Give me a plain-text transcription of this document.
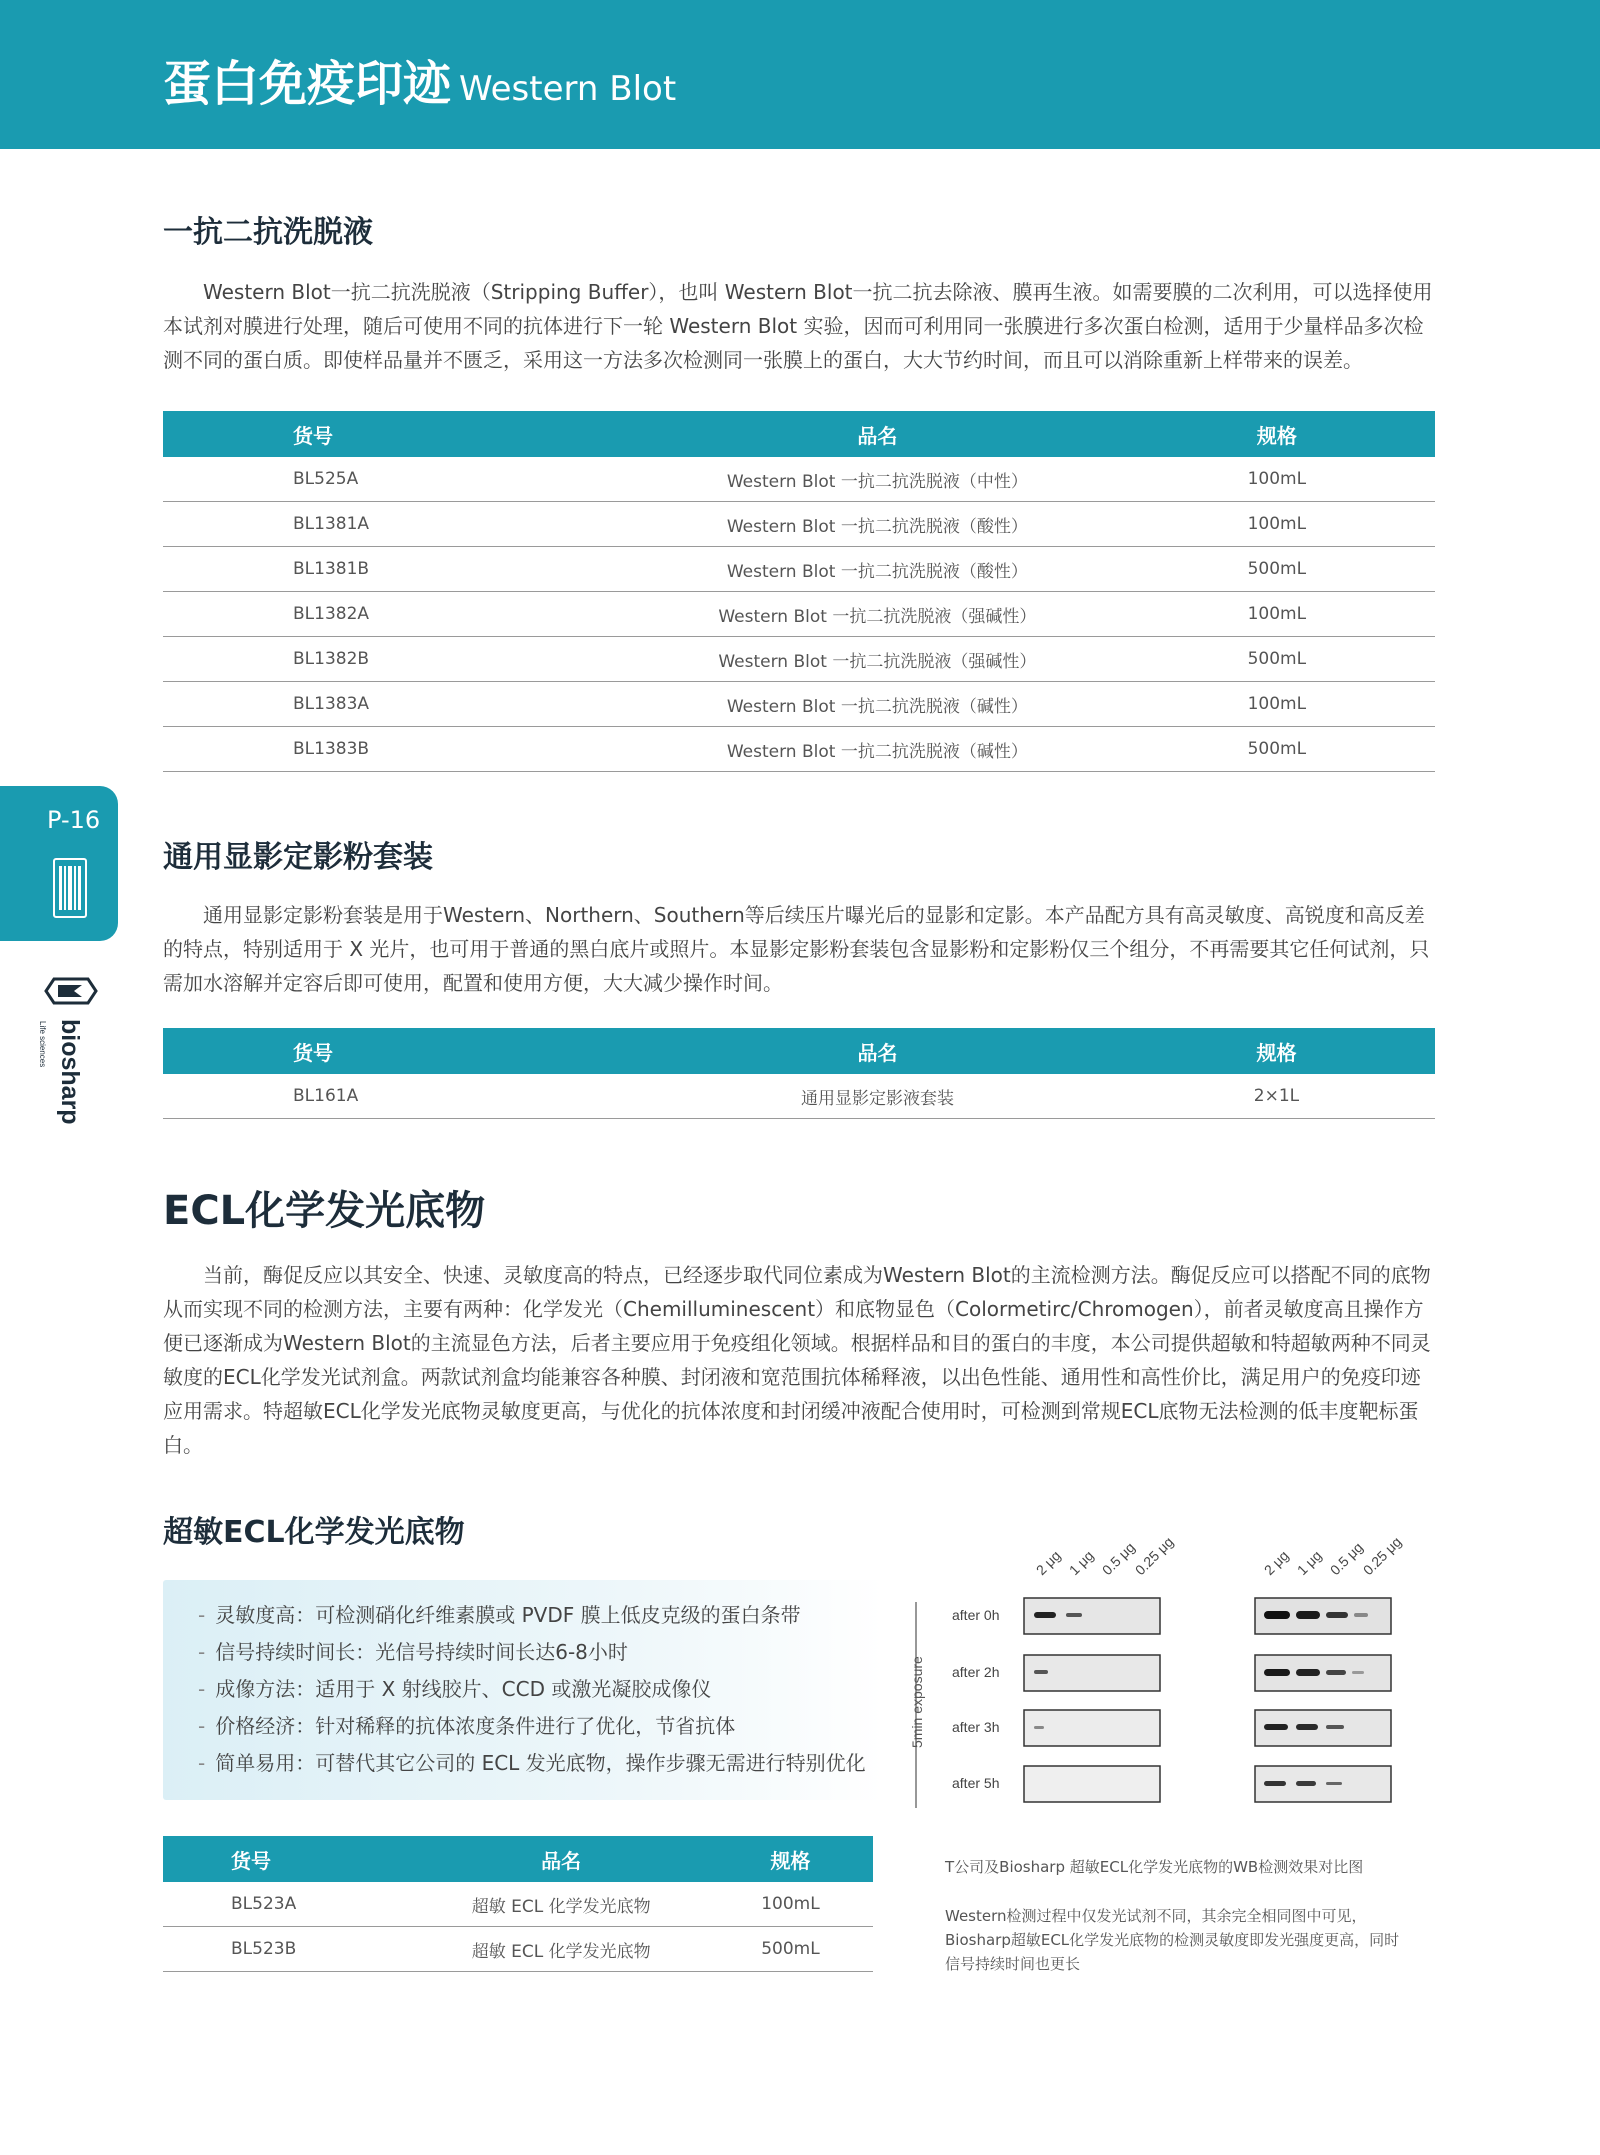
蛋白免疫印迹 Western Blot
P-16
biosharp
Life sciences
一抗二抗洗脱液

Western Blot一抗二抗洗脱液（Stripping Buffer），也叫 Western Blot一抗二抗去除液、膜再生液。如需要膜的二次利用，可以选择使用本试剂对膜进行处理，随后可使用不同的抗体进行下一轮 Western Blot 实验，因而可利用同一张膜进行多次蛋白检测，适用于少量样品多次检测不同的蛋白质。即使样品量并不匮乏，采用这一方法多次检测同一张膜上的蛋白，大大节约时间，而且可以消除重新上样带来的误差。

货号	品名	规格
BL525A	Western Blot 一抗二抗洗脱液（中性）	100mL
BL1381A	Western Blot 一抗二抗洗脱液（酸性）	100mL
BL1381B	Western Blot 一抗二抗洗脱液（酸性）	500mL
BL1382A	Western Blot 一抗二抗洗脱液（强碱性）	100mL
BL1382B	Western Blot 一抗二抗洗脱液（强碱性）	500mL
BL1383A	Western Blot 一抗二抗洗脱液（碱性）	100mL
BL1383B	Western Blot 一抗二抗洗脱液（碱性）	500mL
通用显影定影粉套装

通用显影定影粉套装是用于Western、Northern、Southern等后续压片曝光后的显影和定影。本产品配方具有高灵敏度、高锐度和高反差的特点，特别适用于 X 光片，也可用于普通的黑白底片或照片。本显影定影粉套装包含显影粉和定影粉仅三个组分，不再需要其它任何试剂，只需加水溶解并定容后即可使用，配置和使用方便，大大减少操作时间。

货号	品名	规格
BL161A	通用显影定影液套装	2×1L
ECL化学发光底物

当前，酶促反应以其安全、快速、灵敏度高的特点，已经逐步取代同位素成为Western Blot的主流检测方法。酶促反应可以搭配不同的底物从而实现不同的检测方法，主要有两种：化学发光（Chemilluminescent）和底物显色（Colormetirc/Chromogen），前者灵敏度高且操作方便已逐渐成为Western Blot的主流显色方法，后者主要应用于免疫组化领域。根据样品和目的蛋白的丰度，本公司提供超敏和特超敏两种不同灵敏度的ECL化学发光试剂盒。两款试剂盒均能兼容各种膜、封闭液和宽范围抗体稀释液，以出色性能、通用性和高性价比，满足用户的免疫印迹应用需求。特超敏ECL化学发光底物灵敏度更高，与优化的抗体浓度和封闭缓冲液配合使用时，可检测到常规ECL底物无法检测的低丰度靶标蛋白。

超敏ECL化学发光底物
- 灵敏度高：可检测硝化纤维素膜或 PVDF 膜上低皮克级的蛋白条带
- 信号持续时间长：光信号持续时间长达6-8小时
- 成像方法：适用于 X 射线胶片、CCD 或激光凝胶成像仪
- 价格经济：针对稀释的抗体浓度条件进行了优化，节省抗体
- 简单易用：可替代其它公司的 ECL 发光底物，操作步骤无需进行特别优化
货号	品名	规格
BL523A	超敏 ECL 化学发光底物	100mL
BL523B	超敏 ECL 化学发光底物	500mL
2 μg 1 μg 0.5 μg
0.25 μg	2 μg 1 μg 0.5 μg
0.25 μg
5min exposure
after 0h
after 2h
after 3h
after 5h
T公司及Biosharp 超敏ECL化学发光底物的WB检测效果对比图

Western检测过程中仅发光试剂不同，其余完全相同图中可见，Biosharp超敏ECL化学发光底物的检测灵敏度即发光强度更高，同时信号持续时间也更长
